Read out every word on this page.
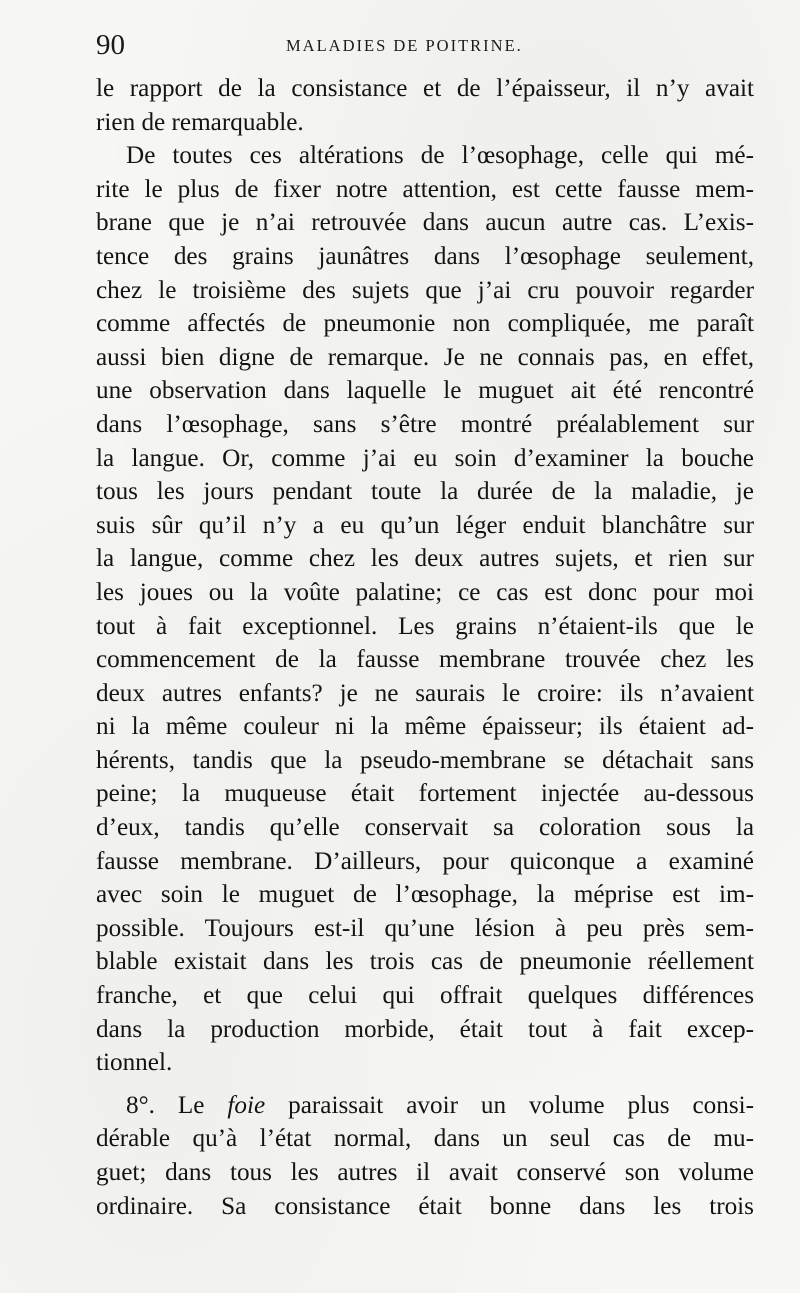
90	MALADIES DE POITRINE.
le rapport de la consistance et de l’épaisseur, il n’y avait
rien de remarquable.
De toutes ces altérations de l’œsophage, celle qui mé-
rite le plus de fixer notre attention, est cette fausse mem-
brane que je n’ai retrouvée dans aucun autre cas. L’exis-
tence des grains jaunâtres dans l’œsophage seulement,
chez le troisième des sujets que j’ai cru pouvoir regarder
comme affectés de pneumonie non compliquée, me paraît
aussi bien digne de remarque. Je ne connais pas, en effet,
une observation dans laquelle le muguet ait été rencontré
dans l’œsophage, sans s’être montré préalablement sur
la langue. Or, comme j’ai eu soin d’examiner la bouche
tous les jours pendant toute la durée de la maladie, je
suis sûr qu’il n’y a eu qu’un léger enduit blanchâtre sur
la langue, comme chez les deux autres sujets, et rien sur
les joues ou la voûte palatine; ce cas est donc pour moi
tout à fait exceptionnel. Les grains n’étaient-ils que le
commencement de la fausse membrane trouvée chez les
deux autres enfants? je ne saurais le croire: ils n’avaient
ni la même couleur ni la même épaisseur; ils étaient ad-
hérents, tandis que la pseudo-membrane se détachait sans
peine; la muqueuse était fortement injectée au-dessous
d’eux, tandis qu’elle conservait sa coloration sous la
fausse membrane. D’ailleurs, pour quiconque a examiné
avec soin le muguet de l’œsophage, la méprise est im-
possible. Toujours est-il qu’une lésion à peu près sem-
blable existait dans les trois cas de pneumonie réellement
franche, et que celui qui offrait quelques différences
dans la production morbide, était tout à fait excep-
tionnel.
8°. Le foie paraissait avoir un volume plus consi-
dérable qu’à l’état normal, dans un seul cas de mu-
guet; dans tous les autres il avait conservé son volume
ordinaire. Sa consistance était bonne dans les trois
